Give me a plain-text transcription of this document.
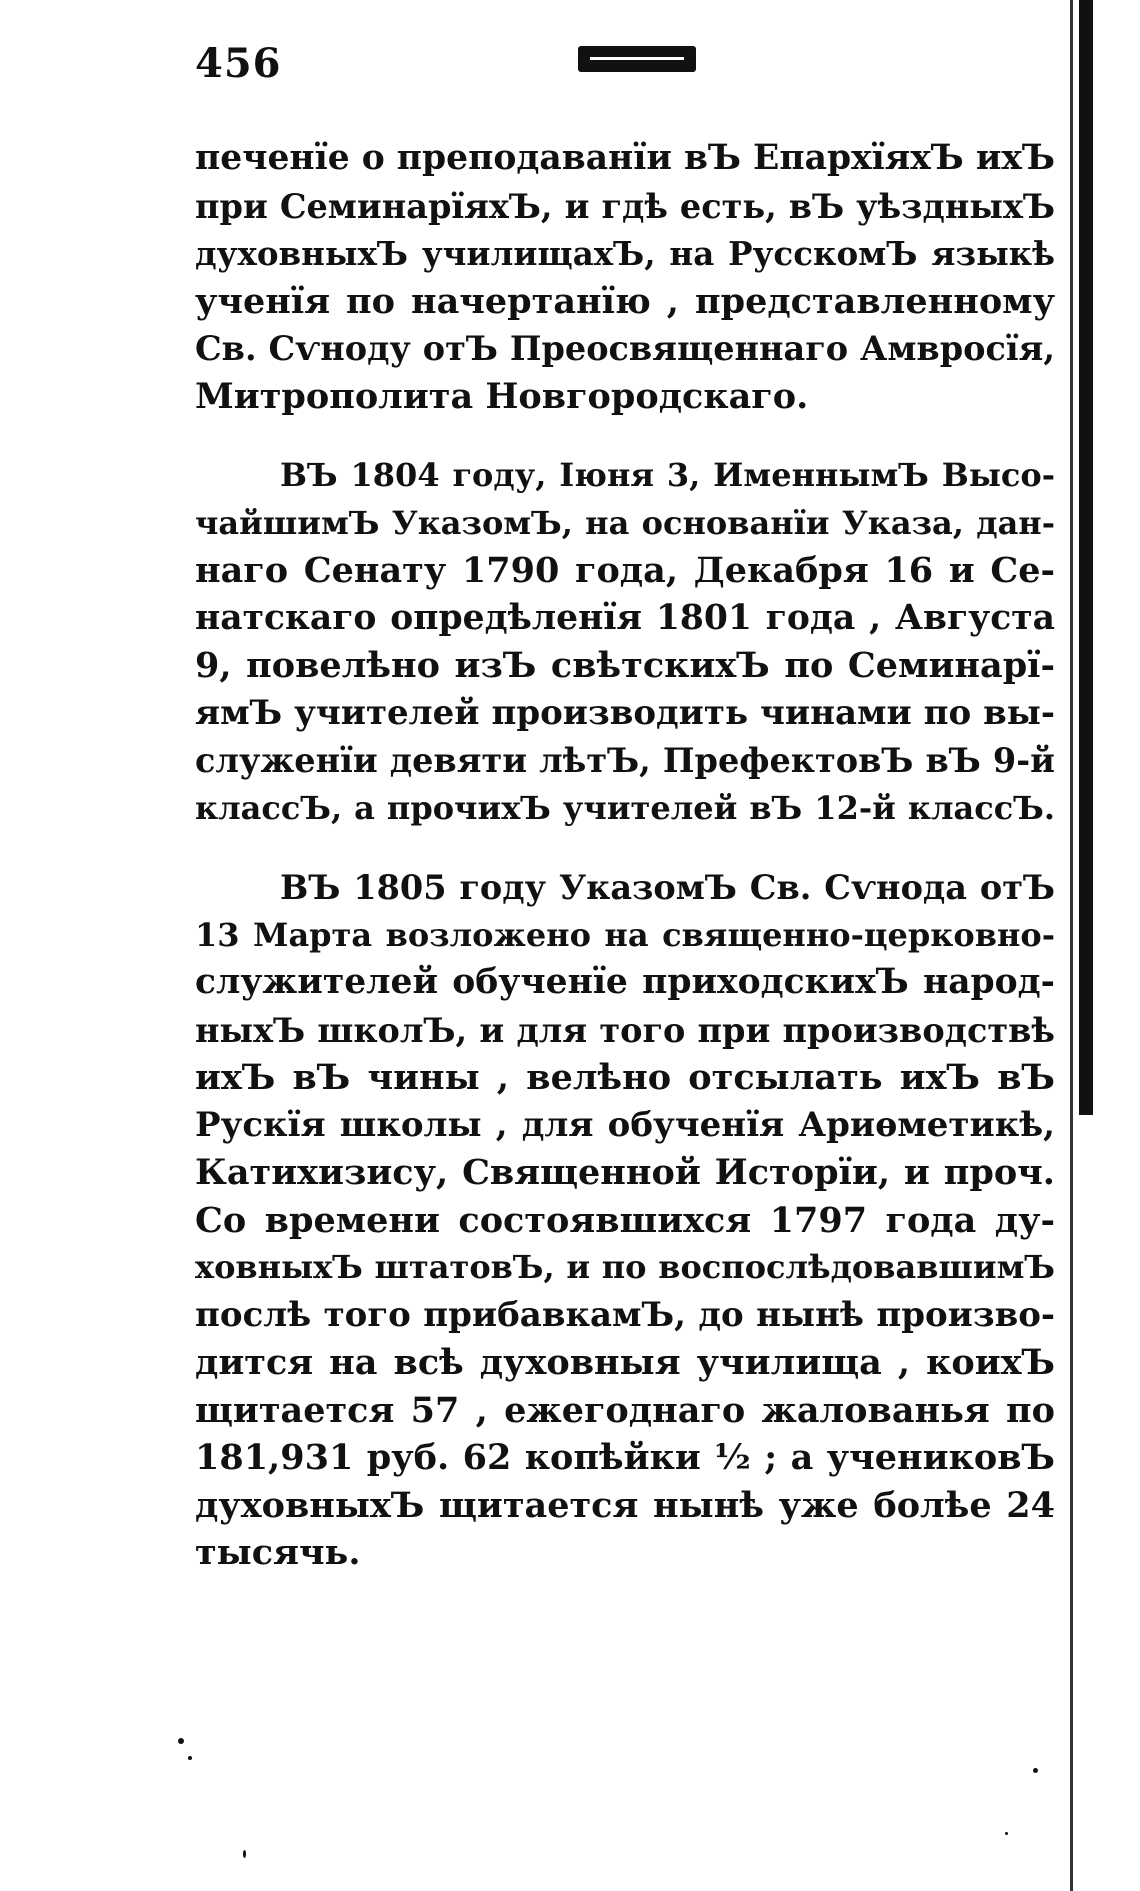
456
печенїе о преподаванїи вЪ ЕпархїяхЪ ихЪ
при СеминарїяхЪ, и гдѣ есть, вЪ уѣздныхЪ
духовныхЪ училищахЪ, на РусскомЪ языкѣ
ученїя по начертанїю , представленному
Св. Сѵноду отЪ Преосвященнаго Амвросїя,
Митрополита Новгородскаго.
ВЪ 1804 году, Іюня 3, ИменнымЪ Высо-
чайшимЪ УказомЪ, на основанїи Указа, дан-
наго Сенату 1790 года, Декабря 16 и Се-
натскаго опредѣленїя 1801 года , Августа
9, повелѣно изЪ свѣтскихЪ по Семинарї-
ямЪ учителей производить чинами по вы-
служенїи девяти лѣтЪ, ПрефектовЪ вЪ 9-й
классЪ, а прочихЪ учителей вЪ 12-й классЪ.
ВЪ 1805 году УказомЪ Св. Сѵнода отЪ
13 Марта возложено на священно-церковно-
служителей обученїе приходскихЪ народ-
ныхЪ школЪ, и для того при производствѣ
ихЪ вЪ чины , велѣно отсылать ихЪ вЪ
Рускїя школы , для обученїя Ариѳметикѣ,
Катихизису, Священной Исторїи, и проч.
Со времени состоявшихся 1797 года ду-
ховныхЪ штатовЪ, и по воспослѣдовавшимЪ
послѣ того прибавкамЪ, до нынѣ произво-
дится на всѣ духовныя училища , коихЪ
щитается 57 , ежегоднаго жалованья по
181,931 руб. 62 копѣйки ½ ; а учениковЪ
духовныхЪ щитается нынѣ уже болѣе 24
тысячь.
